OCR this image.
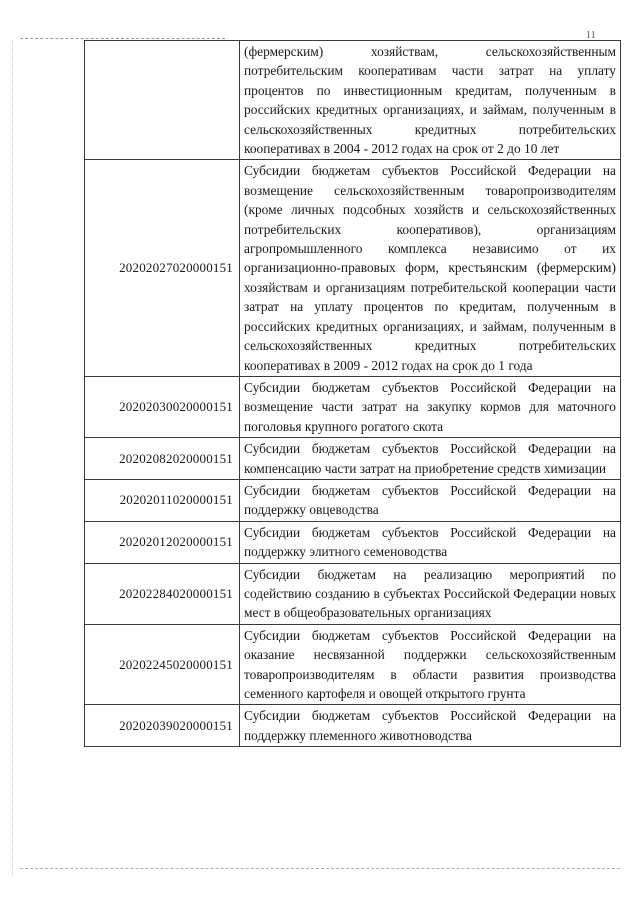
11
	(фермерским) хозяйствам, сельскохозяйственным потребительским кооперативам части затрат на уплату процентов по инвестиционным кредитам, полученным в российских кредитных организациях, и займам, полученным в сельскохозяйственных кредитных потребительских кооперативах в 2004 - 2012 годах на срок от 2 до 10 лет
20202027020000151	Субсидии бюджетам субъектов Российской Федерации на возмещение сельскохозяйственным товаропроизводителям (кроме личных подсобных хозяйств и сельскохозяйственных потребительских кооперативов), организациям агропромышленного комплекса независимо от их организационно-правовых форм, крестьянским (фермерским) хозяйствам и организациям потребительской кооперации части затрат на уплату процентов по кредитам, полученным в российских кредитных организациях, и займам, полученным в сельскохозяйственных кредитных потребительских кооперативах в 2009 - 2012 годах на срок до 1 года
20202030020000151	Субсидии бюджетам субъектов Российской Федерации на возмещение части затрат на закупку кормов для маточного поголовья крупного рогатого скота
20202082020000151	Субсидии бюджетам субъектов Российской Федерации на компенсацию части затрат на приобретение средств химизации
20202011020000151	Субсидии бюджетам субъектов Российской Федерации на поддержку овцеводства
20202012020000151	Субсидии бюджетам субъектов Российской Федерации на поддержку элитного семеноводства
20202284020000151	Субсидии бюджетам на реализацию мероприятий по содействию созданию в субъектах Российской Федерации новых мест в общеобразовательных организациях
20202245020000151	Субсидии бюджетам субъектов Российской Федерации на оказание несвязанной поддержки сельскохозяйственным товаропроизводителям в области развития производства семенного картофеля и овощей открытого грунта
20202039020000151	Субсидии бюджетам субъектов Российской Федерации на поддержку племенного животноводства
